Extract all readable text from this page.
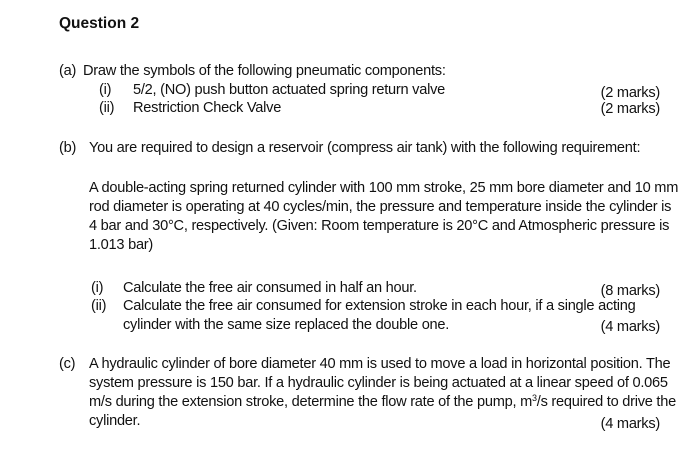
Question 2
(a) Draw the symbols of the following pneumatic components:
(i) 5/2, (NO) push button actuated spring return valve	(2 marks)
(ii) Restriction Check Valve	(2 marks)
(b) You are required to design a reservoir (compress air tank) with the following requirement:
A double-acting spring returned cylinder with 100 mm stroke, 25 mm bore diameter and 10 mm
rod diameter is operating at 40 cycles/min, the pressure and temperature inside the cylinder is
4 bar and 30°C, respectively. (Given: Room temperature is 20°C and Atmospheric pressure is
1.013 bar)
(i) Calculate the free air consumed in half an hour.	(8 marks)
(ii) Calculate the free air consumed for extension stroke in each hour, if a single acting
cylinder with the same size replaced the double one.	(4 marks)
(c) A hydraulic cylinder of bore diameter 40 mm is used to move a load in horizontal position. The
system pressure is 150 bar. If a hydraulic cylinder is being actuated at a linear speed of 0.065
m/s during the extension stroke, determine the flow rate of the pump, $m^3/s$ required to drive the
cylinder.	(4 marks)
